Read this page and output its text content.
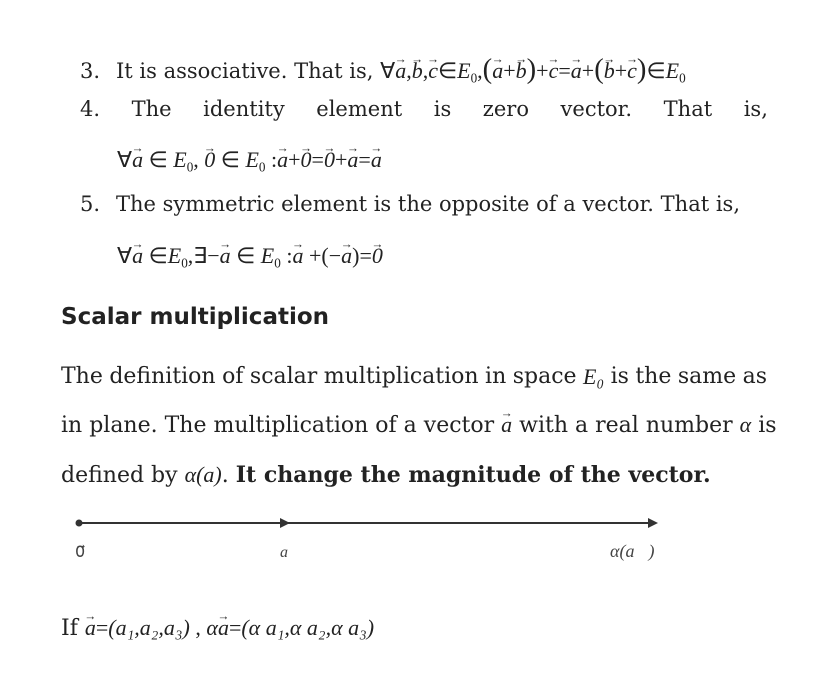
3. It is associative. That is, ∀a $\to,b \to,c \to\in E_0,(a \to+b \to)+c \to=a \to+(b \to+c$ $\to)\in E_0$
4. The identity element is zero vector. That is,
∀a → ∈ $E_0$, 0 → ∈ $E_0$ :a →+0 →=0 →+a →=a →
5. The symmetric element is the opposite of a vector. That is,
∀a → $\in E_0,\exists-a$ → ∈ $E_0$ :a → +(−a →)=0 →
Scalar multiplication
The definition of scalar multiplication in space E₀ is the same as
in plane. The multiplication of a vector a → with a real number α is
defined by α(a). It change the magnitude of the vector.
0⃗	a⃗	α(a⃗)
If a →=(a₁,a₂,a₃) , αa →=(α a₁,α a₂,α a₃)
